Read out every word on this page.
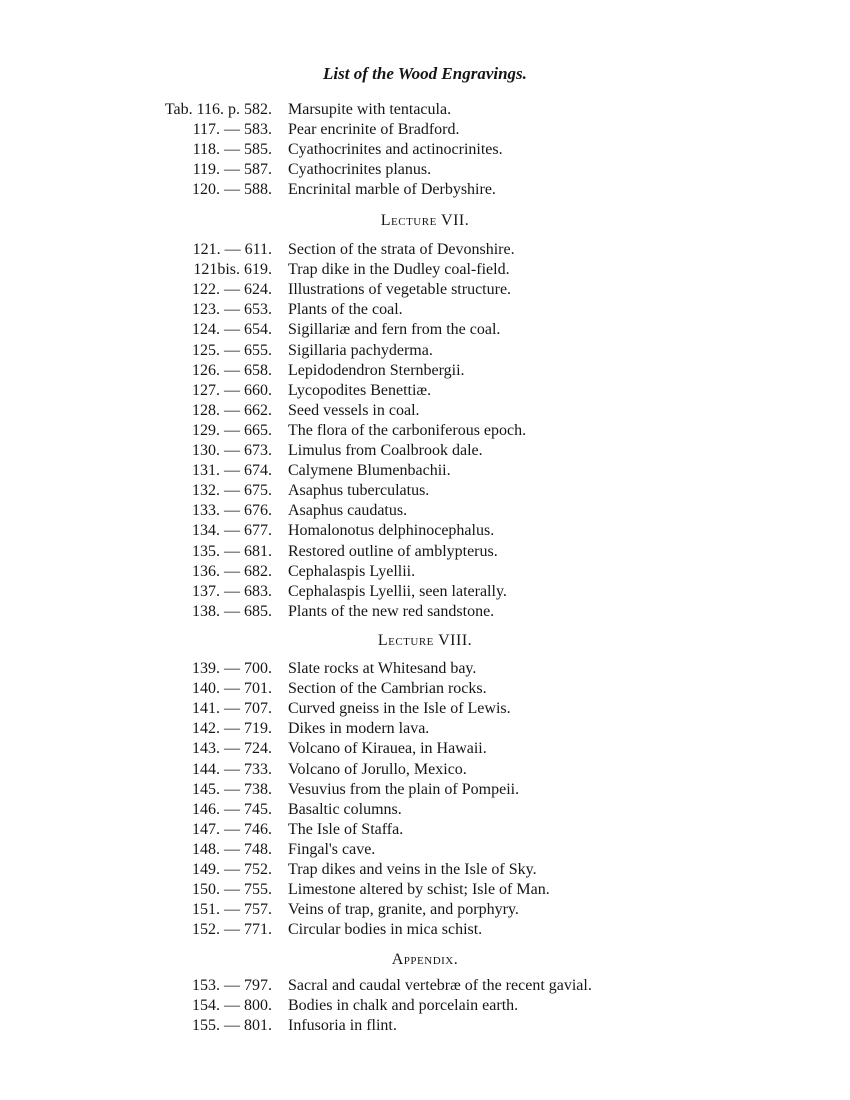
List of the Wood Engravings.
Tab. 116. p. 582. Marsupite with tentacula.
117. — 583. Pear encrinite of Bradford.
118. — 585. Cyathocrinites and actinocrinites.
119. — 587. Cyathocrinites planus.
120. — 588. Encrinital marble of Derbyshire.
Lecture VII.
121. — 611. Section of the strata of Devonshire.
121bis. 619. Trap dike in the Dudley coal-field.
122. — 624. Illustrations of vegetable structure.
123. — 653. Plants of the coal.
124. — 654. Sigillariæ and fern from the coal.
125. — 655. Sigillaria pachyderma.
126. — 658. Lepidodendron Sternbergii.
127. — 660. Lycopodites Benettiæ.
128. — 662. Seed vessels in coal.
129. — 665. The flora of the carboniferous epoch.
130. — 673. Limulus from Coalbrook dale.
131. — 674. Calymene Blumenbachii.
132. — 675. Asaphus tuberculatus.
133. — 676. Asaphus caudatus.
134. — 677. Homalonotus delphinocephalus.
135. — 681. Restored outline of amblypterus.
136. — 682. Cephalaspis Lyellii.
137. — 683. Cephalaspis Lyellii, seen laterally.
138. — 685. Plants of the new red sandstone.
Lecture VIII.
139. — 700. Slate rocks at Whitesand bay.
140. — 701. Section of the Cambrian rocks.
141. — 707. Curved gneiss in the Isle of Lewis.
142. — 719. Dikes in modern lava.
143. — 724. Volcano of Kirauea, in Hawaii.
144. — 733. Volcano of Jorullo, Mexico.
145. — 738. Vesuvius from the plain of Pompeii.
146. — 745. Basaltic columns.
147. — 746. The Isle of Staffa.
148. — 748. Fingal's cave.
149. — 752. Trap dikes and veins in the Isle of Sky.
150. — 755. Limestone altered by schist; Isle of Man.
151. — 757. Veins of trap, granite, and porphyry.
152. — 771. Circular bodies in mica schist.
Appendix.
153. — 797. Sacral and caudal vertebræ of the recent gavial.
154. — 800. Bodies in chalk and porcelain earth.
155. — 801. Infusoria in flint.
